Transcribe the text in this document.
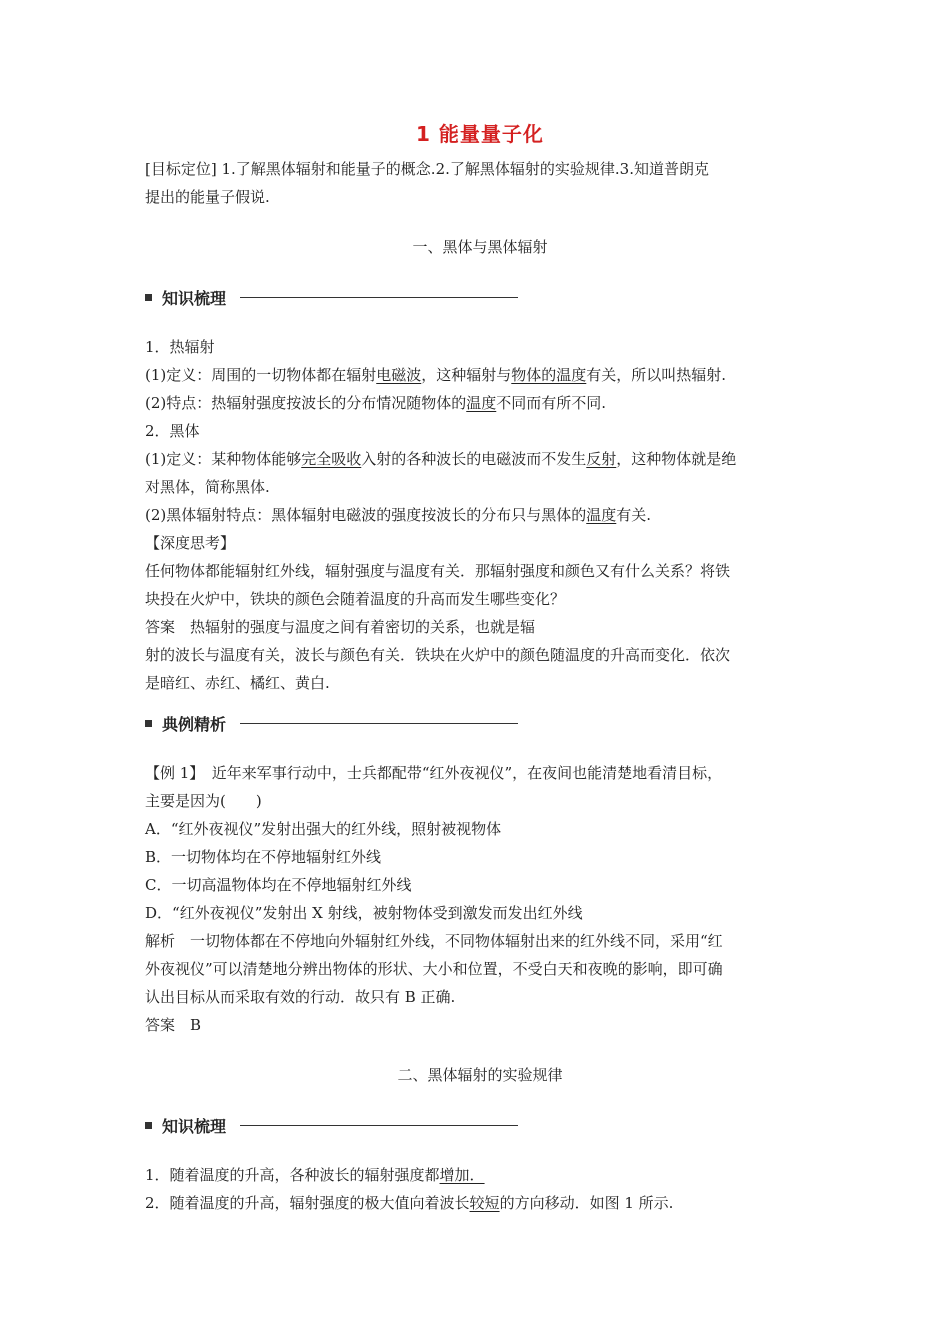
1 能量量子化

[目标定位] 1.了解黑体辐射和能量子的概念.2.了解黑体辐射的实验规律.3.知道普朗克

提出的能量子假说.

一、黑体与黑体辐射

知识梳理

1．热辐射

(1)定义：周围的一切物体都在辐射电磁波，这种辐射与物体的温度有关，所以叫热辐射.

(2)特点：热辐射强度按波长的分布情况随物体的温度不同而有所不同.

2．黑体

(1)定义：某种物体能够完全吸收入射的各种波长的电磁波而不发生反射，这种物体就是绝

对黑体，简称黑体.

(2)黑体辐射特点：黑体辐射电磁波的强度按波长的分布只与黑体的温度有关.

【深度思考】

任何物体都能辐射红外线，辐射强度与温度有关．那辐射强度和颜色又有什么关系？将铁

块投在火炉中，铁块的颜色会随着温度的升高而发生哪些变化？

答案　热辐射的强度与温度之间有着密切的关系，也就是辐

射的波长与温度有关，波长与颜色有关．铁块在火炉中的颜色随温度的升高而变化．依次

是暗红、赤红、橘红、黄白.

典例精析

【例 1】　近年来军事行动中，士兵都配带“红外夜视仪”，在夜间也能清楚地看清目标，

主要是因为(　　)

A．“红外夜视仪”发射出强大的红外线，照射被视物体

B．一切物体均在不停地辐射红外线

C．一切高温物体均在不停地辐射红外线

D．“红外夜视仪”发射出 X 射线，被射物体受到激发而发出红外线

解析　一切物体都在不停地向外辐射红外线，不同物体辐射出来的红外线不同，采用“红

外夜视仪”可以清楚地分辨出物体的形状、大小和位置，不受白天和夜晚的影响，即可确

认出目标从而采取有效的行动．故只有 B 正确.

答案　B

二、黑体辐射的实验规律

知识梳理

1．随着温度的升高，各种波长的辐射强度都增加．

2．随着温度的升高，辐射强度的极大值向着波长较短的方向移动．如图 1 所示.
